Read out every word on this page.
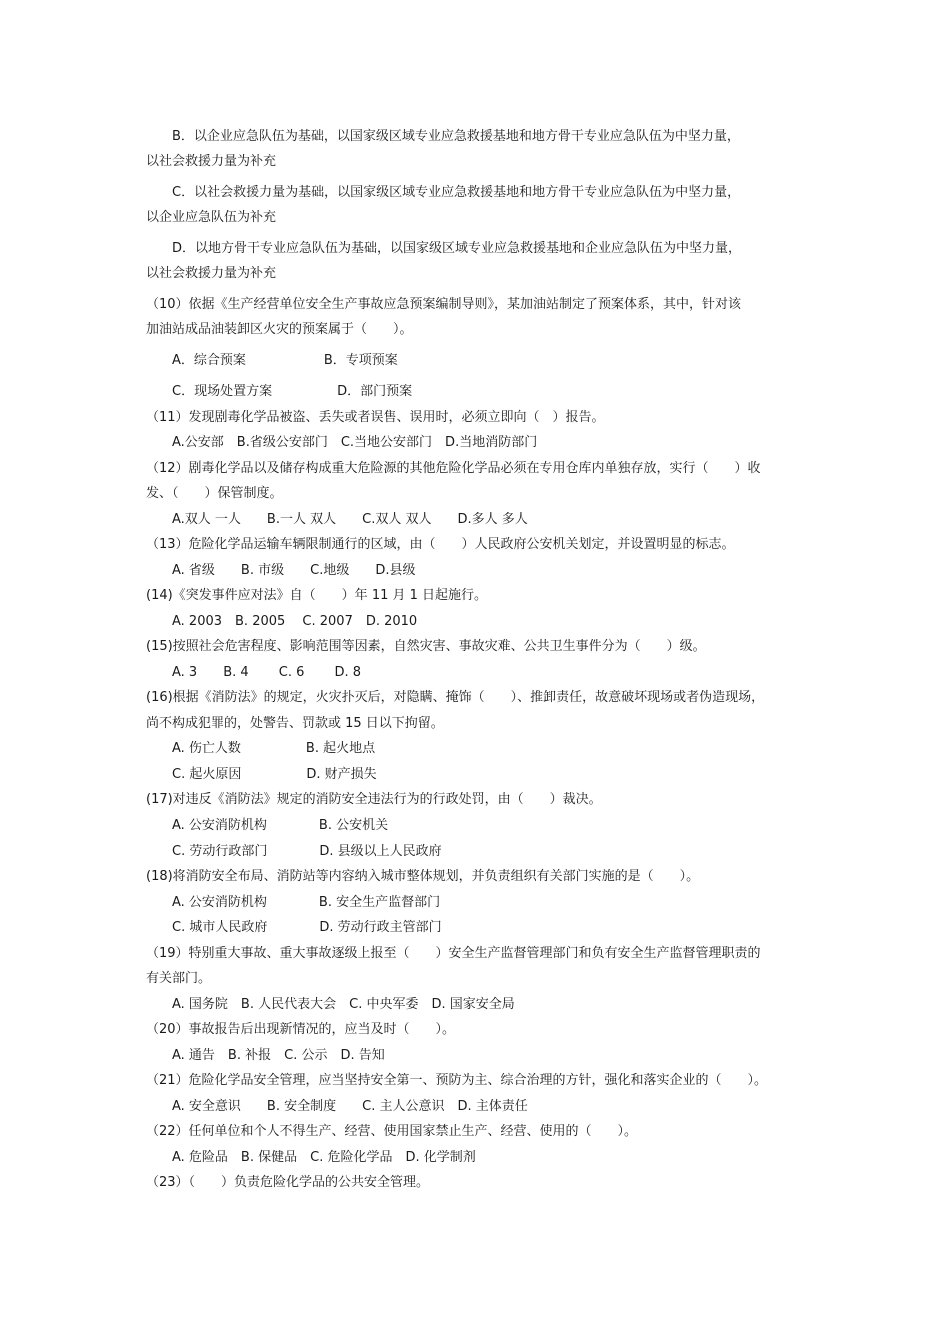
B．以企业应急队伍为基础，以国家级区域专业应急救援基地和地方骨干专业应急队伍为中坚力量，
以社会救援力量为补充
C．以社会救援力量为基础，以国家级区域专业应急救援基地和地方骨干专业应急队伍为中坚力量，
以企业应急队伍为补充
D．以地方骨干专业应急队伍为基础，以国家级区域专业应急救援基地和企业应急队伍为中坚力量，
以社会救援力量为补充
（10）依据《生产经营单位安全生产事故应急预案编制导则》，某加油站制定了预案体系，其中，针对该
加油站成品油装卸区火灾的预案属于（　　）。
A．综合预案　　　　　　B．专项预案
C．现场处置方案　　　　　D．部门预案
（11）发现剧毒化学品被盗、丢失或者误售、误用时，必须立即向（　）报告。
A.公安部　B.省级公安部门　C.当地公安部门　D.当地消防部门
（12）剧毒化学品以及储存构成重大危险源的其他危险化学品必须在专用仓库内单独存放，实行（　　）收
发、（　　）保管制度。
A.双人 一人　　B.一人 双人　　C.双人 双人　　D.多人 多人
（13）危险化学品运输车辆限制通行的区域，由（　　）人民政府公安机关划定，并设置明显的标志。
A. 省级　　B. 市级　　C.地级　　D.县级
(14)《突发事件应对法》自（　　）年 11 月 1 日起施行。
A. 2003　B. 2005　 C. 2007　D. 2010
(15)按照社会危害程度、影响范围等因素，自然灾害、事故灾难、公共卫生事件分为（　　）级。
A. 3　　B. 4　　 C. 6　　 D. 8
(16)根据《消防法》的规定，火灾扑灭后，对隐瞒、掩饰（　　）、推卸责任，故意破坏现场或者伪造现场，
尚不构成犯罪的，处警告、罚款或 15 日以下拘留。
A. 伤亡人数　　　　　B. 起火地点
C. 起火原因　　　　　D. 财产损失
(17)对违反《消防法》规定的消防安全违法行为的行政处罚，由（　　）裁决。
A. 公安消防机构　　　　B. 公安机关
C. 劳动行政部门　　　　D. 县级以上人民政府
(18)将消防安全布局、消防站等内容纳入城市整体规划，并负责组织有关部门实施的是（　　）。
A. 公安消防机构　　　　B. 安全生产监督部门
C. 城市人民政府　　　　D. 劳动行政主管部门
（19）特别重大事故、重大事故逐级上报至（　　）安全生产监督管理部门和负有安全生产监督管理职责的
有关部门。
A. 国务院　B. 人民代表大会　C. 中央军委　D. 国家安全局
（20）事故报告后出现新情况的，应当及时（　　）。
A. 通告　B. 补报　C. 公示　D. 告知
（21）危险化学品安全管理，应当坚持安全第一、预防为主、综合治理的方针，强化和落实企业的（　　）。
A. 安全意识　　B. 安全制度　　C. 主人公意识　D. 主体责任
（22）任何单位和个人不得生产、经营、使用国家禁止生产、经营、使用的（　　）。
A. 危险品　B. 保健品　C. 危险化学品　D. 化学制剂
（23）（　　）负责危险化学品的公共安全管理。
